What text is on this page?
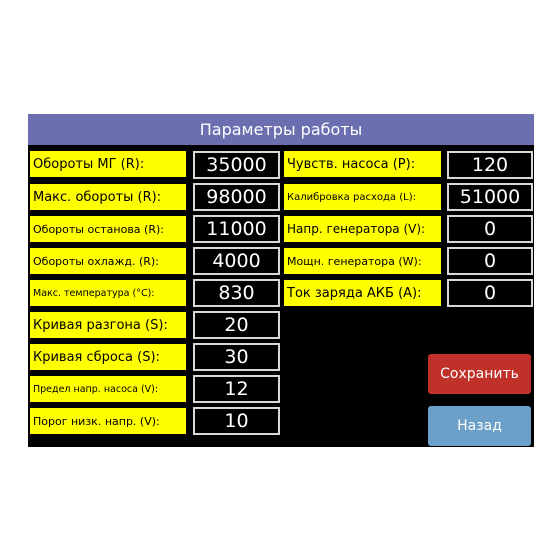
Параметры работы
Обороты МГ (R):	35000
Макс. обороты (R):	98000
Обороты останова (R):	11000
Обороты охлажд. (R):	4000
Макс. температура (°C):	830
Кривая разгона (S):	20
Кривая сброса (S):	30
Предел напр. насоса (V):	12
Порог низк. напр. (V):	10
Чувств. насоса (P):	120
Калибровка расхода (L):	51000
Напр. генератора (V):	0
Мощн. генератора (W):	0
Ток заряда АКБ (A):	0
Сохранить
Назад
